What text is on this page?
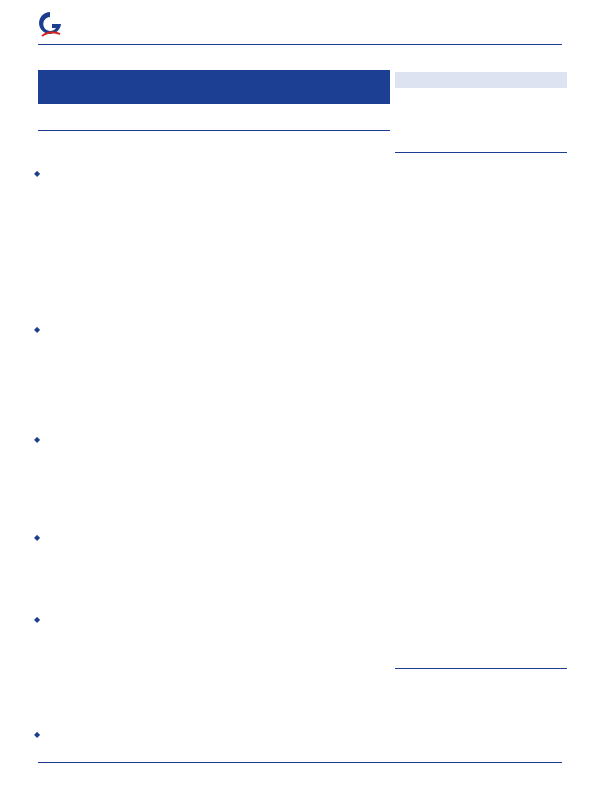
◆
◆
◆
◆
◆
◆
